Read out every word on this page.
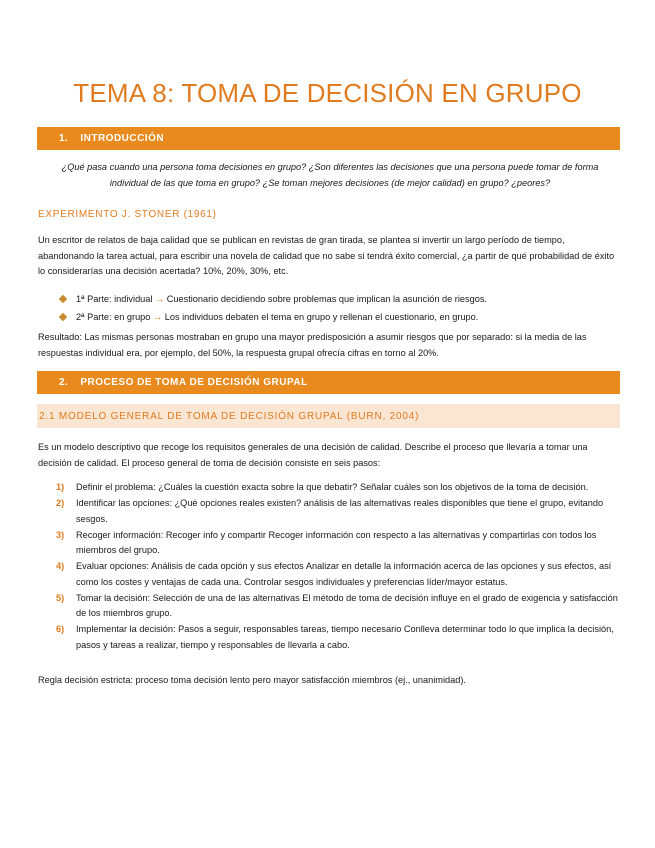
TEMA 8: TOMA DE DECISIÓN EN GRUPO
1. INTRODUCCIÓN

¿Qué pasa cuando una persona toma decisiones en grupo? ¿Son diferentes las decisiones que una persona puede tomar de forma individual de las que toma en grupo? ¿Se toman mejores decisiones (de mejor calidad) en grupo? ¿peores?

EXPERIMENTO J. STONER (1961)

Un escritor de relatos de baja calidad que se publican en revistas de gran tirada, se plantea si invertir un largo período de tiempo, abandonando la tarea actual, para escribir una novela de calidad que no sabe si tendrá éxito comercial, ¿a partir de qué probabilidad de éxito lo considerarías una decisión acertada? 10%, 20%, 30%, etc.

1ª Parte: individual → Cuestionario decidiendo sobre problemas que implican la asunción de riesgos.
2ª Parte: en grupo → Los individuos debaten el tema en grupo y rellenan el cuestionario, en grupo.

Resultado: Las mismas personas mostraban en grupo una mayor predisposición a asumir riesgos que por separado: si la media de las respuestas individual era, por ejemplo, del 50%, la respuesta grupal ofrecía cifras en torno al 20%.

2. PROCESO DE TOMA DE DECISIÓN GRUPAL
2.1 MODELO GENERAL DE TOMA DE DECISIÓN GRUPAL (BURN, 2004)

Es un modelo descriptivo que recoge los requisitos generales de una decisión de calidad. Describe el proceso que llevaría a tomar una decisión de calidad. El proceso general de toma de decisión consiste en seis pasos:

1) Definir el problema: ¿Cuáles la cuestión exacta sobre la que debatir? Señalar cuáles son los objetivos de la toma de decisión.
2) Identificar las opciones: ¿Qué opciones reales existen? análisis de las alternativas reales disponibles que tiene el grupo, evitando sesgos.
3) Recoger información: Recoger info y compartir Recoger información con respecto a las alternativas y compartirlas con todos los miembros del grupo.
4) Evaluar opciones: Análisis de cada opción y sus efectos Analizar en detalle la información acerca de las opciones y sus efectos, así como los costes y ventajas de cada una. Controlar sesgos individuales y preferencias líder/mayor estatus.
5) Tomar la decisión: Selección de una de las alternativas El método de toma de decisión influye en el grado de exigencia y satisfacción de los miembros grupo.
6) Implementar la decisión: Pasos a seguir, responsables tareas, tiempo necesario Conlleva determinar todo lo que implica la decisión, pasos y tareas a realizar, tiempo y responsables de llevarla a cabo.

Regla decisión estricta: proceso toma decisión lento pero mayor satisfacción miembros (ej., unanimidad).
